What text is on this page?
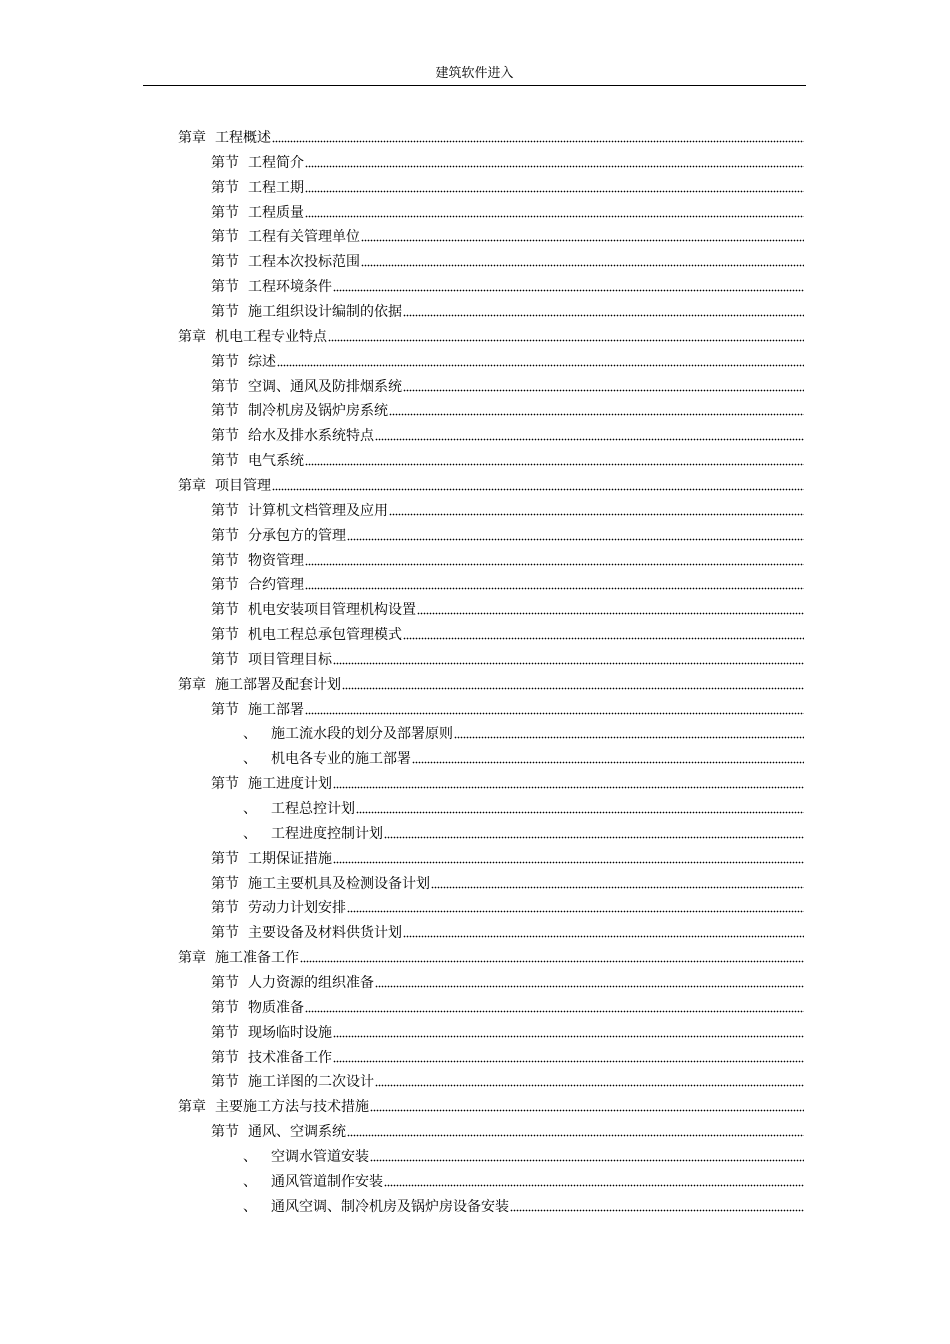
建筑软件进入
第章 工程概述
第节 工程简介
第节 工程工期
第节 工程质量
第节 工程有关管理单位
第节 工程本次投标范围
第节 工程环境条件
第节 施工组织设计编制的依据
第章 机电工程专业特点
第节 综述
第节 空调、通风及防排烟系统
第节 制冷机房及锅炉房系统
第节 给水及排水系统特点
第节 电气系统
第章 项目管理
第节 计算机文档管理及应用
第节 分承包方的管理
第节 物资管理
第节 合约管理
第节 机电安装项目管理机构设置
第节 机电工程总承包管理模式
第节 项目管理目标
第章 施工部署及配套计划
第节 施工部署
、 施工流水段的划分及部署原则
、 机电各专业的施工部署
第节 施工进度计划
、 工程总控计划
、 工程进度控制计划
第节 工期保证措施
第节 施工主要机具及检测设备计划
第节 劳动力计划安排
第节 主要设备及材料供货计划
第章 施工准备工作
第节 人力资源的组织准备
第节 物质准备
第节 现场临时设施
第节 技术准备工作
第节 施工详图的二次设计
第章 主要施工方法与技术措施
第节 通风、空调系统
、 空调水管道安装
、 通风管道制作安装
、 通风空调、制冷机房及锅炉房设备安装
